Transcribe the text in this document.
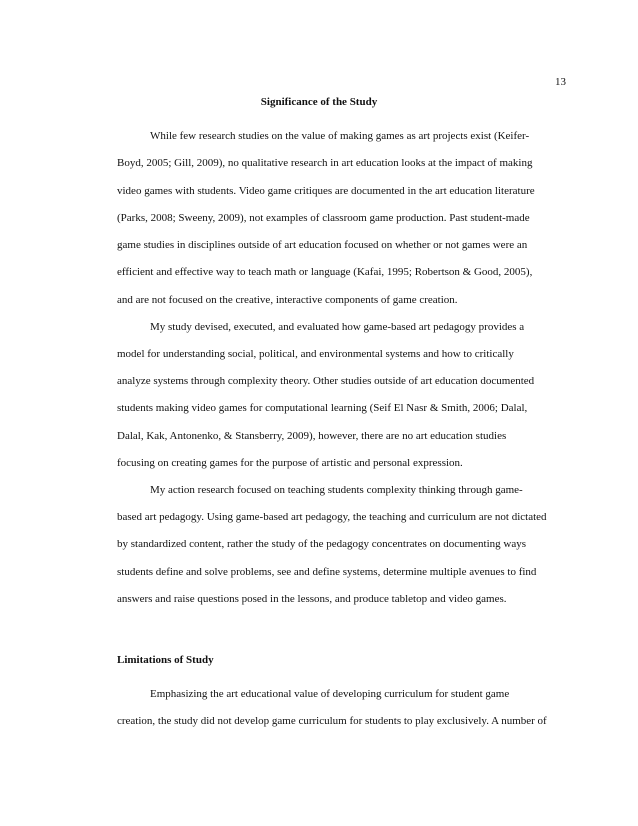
13
Significance of the Study
While few research studies on the value of making games as art projects exist (Keifer-
Boyd, 2005; Gill, 2009), no qualitative research in art education looks at the impact of making
video games with students. Video game critiques are documented in the art education literature
(Parks, 2008; Sweeny, 2009), not examples of classroom game production. Past student-made
game studies in disciplines outside of art education focused on whether or not games were an
efficient and effective way to teach math or language (Kafai, 1995; Robertson & Good, 2005),
and are not focused on the creative, interactive components of game creation.
My study devised, executed, and evaluated how game-based art pedagogy provides a
model for understanding social, political, and environmental systems and how to critically
analyze systems through complexity theory. Other studies outside of art education documented
students making video games for computational learning (Seif El Nasr & Smith, 2006; Dalal,
Dalal, Kak, Antonenko, & Stansberry, 2009), however, there are no art education studies
focusing on creating games for the purpose of artistic and personal expression.
My action research focused on teaching students complexity thinking through game-
based art pedagogy. Using game-based art pedagogy, the teaching and curriculum are not dictated
by standardized content, rather the study of the pedagogy concentrates on documenting ways
students define and solve problems, see and define systems, determine multiple avenues to find
answers and raise questions posed in the lessons, and produce tabletop and video games.
Limitations of Study
Emphasizing the art educational value of developing curriculum for student game
creation, the study did not develop game curriculum for students to play exclusively. A number of
